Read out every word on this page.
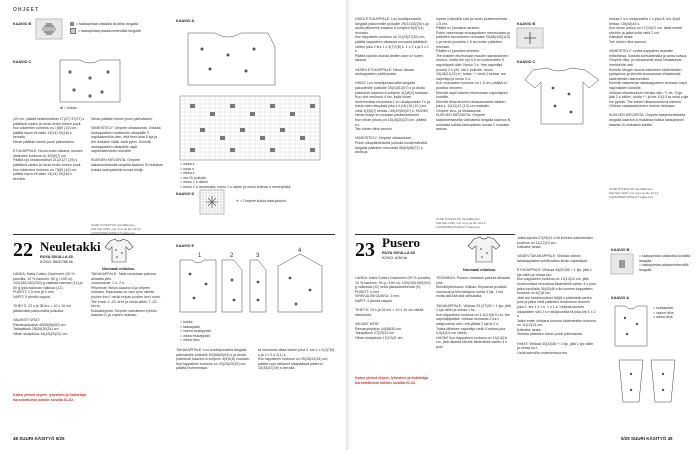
OHJEET
KAAVIO B	= taakapintaa vaakalla ikoolilla langalla
= taakapintaa pistaavimhevällä langalla
KAAVIO C
✿ = kukka
(19 cm, päättä keskimmäiset 27(27) 37(37) s päättävä varten ja neulo ensin toinen puoli.
Kun kädenten korkeus on 7(8)9 (10) cm, päättä lopun eli vään 13(14) 15(16) s kerralla.
Neulo päättän toinen puoli päinvastoin.

ETUKAPPALE: Neulo kuten takana, kunnes kädenten korkeus on 4(5)6(7) cm.
Päättä kyt keskimmäiset 21(21)27 (29) s päättävä varten ja neulo ensin toinen puoli.
Kun kädenten korkeus on 7(8)9 (10) cm, päättä lopun eli vään 13(14) 15(16) s kerralla.
Neulo päättän toinen puoli päinvastoin.

VIIMEISTELY: Ompele olkasaumat. Virkkaa etukappaleen molemmin olkapäille 3 napiluisenkkia olen, että tiset aina 5 kja ja tee lenkkien väliin vielä pylvs. Kiinnitä etukappaleen olkapäille napit napistuslenkkien kohdille.

KUKKIEN KIRJONTA: Ompele kaksinkertaisella langalla kaavion B mukaisia kukkia laskupistoilla kuvaa tekijä.
OHJE TOTEUTUS: Ilja Mättonen,
Kati Sari 2016, ma, ta ja pe klo 10-12
LANKATIEDUSTELUT: katia.com
KAAVIO A
= oikea s
= nurja s
= oikea s
= ota 2k puikolle
= neulo 1 s oikein
= neulo 1 s neulotusta, neulo 1 s oikein ja neulo kolmas s neuletyöstä
KAAVIO D
✳ = Ompele kukka laskupistoin.
22 Neuletakki
RUYA SIVULLA 65
KOKO: 56/67/86 kk
Normaali mitoitus.
LANKA: Katia Cotton-Cashmere (90 % puuvilla, 10 % kashmir, 50 g =155 m): 100(150)150(200) g vaaleaa harmaa (11) ja 50 g joka kokovan vaikkoa (12).
PUIKOT: 2,5 mm ja 3 mm.
NAPIT: 5 pientä nappia.

TIHEYS: 23 s ja 38 krs = 10 x 10 cm jäätavoista pakuvimilla puikoilla.

VALMISTI MTAT:
Rinnanympärys 46(55)56(60) cm
Takapiituus 25(28)30(34) cm
Hihan sisäpituus 16(18)20(22) cm.
Katso yleiset ohjeet, lyhenteet ja lisätietoja korostettuihin kohtiin sivuilla 61-62.
TAKAKAPPALE: Takki neulotaan palonia alhaalta ylös.
Juustoneule: 2 s, 2 s.
Pitsineule: Neulo kaavion A ja ohjeen mukaan. Kaaviossa on vain työn oikean puolen krs:t, neulo nurjan puolen krs:t nurin. Tee ensin 1.-20. krs:t ja toista sitten 7.-20. krs:ia.
Kukkakirjonta: Ompele valmiiseen työhön kaavion D ja ohjeen mukaan.
KAAVIO E
1	2	3
4
= kukka
= taakapalat
= vasen etukappale
= oikea etukappale
= oikea hiha
TAKAKAPPALE: Luo korallipuusella langalla pakuvimille puikoille 50(55)60(63) s ja aloita pitsineule kaavion A kohjeen 4(8)4(8) mukaan.
Kun tappaleen korkeus on 20(26)29(33) cm, päättä molemmissa
ta reunoista olkaa varten joka 2. krs 1 x 4(3)7(6) s ja 2 x 3 s 2(1) s.
Kun tappaleen korkeus on 25(28)31(34) cm, päättä kopi olekkeet olkapäässä päärrrei 33(35)37(39) s kerralla.
48 SUURI KÄSITYÖ 5/25
OKEA ETUKAPPALE: Luo korallipuusella langalla pakuvimille puikoille 29(31)33(35) s ja aloita pitsineule kaavion A kohjeen 8(3)7(4) mukaan.
Kun tappaleen korkeus on 21(24)27(30) cm, päättä kappaleen olkaasta reunasta päättävä varten joka 2 krs 1 x 4(7)7(8) s, 1 x 2 s ja 3 x 1 s.
Päättä lopulla osvista lähtien olan s:t kuten takana.

VASEN ETUKAPPALE: Neulo oikean etukappaleen peilikuvaksi.

HIHAT: Luo korallipuusuvallla langalla pakuvimille puikoille 35(41)51(57) s ja aloita pitsineule kaavion A kohjeen 4(3)8(3) mukaan.
Kun olet neulonut 4 krs, lisää hihan molemmissa reunoissa 1 s:n sisäpuolella 1 s ja toista otten tiskyksiä joka 14.(18.)10.(10.) krs vielä 3(5)5(7) kertaa =45(49)53(57) s. HUOM! Neulo lisätyt s:t mukaan pitsineuleeseen.
Kun hihan pituus on 16(18)20(22) cm, päättä s:t.
Tee toinen hiha samoin.

VIIMEISTELY: Ompele olkasaumat.
Poimi olkapäinellisellä puikolla korallinväriellä langalla pääntien reunoista 56(64)68(72) s, aloita ja
lopeta 3 silmällä s:lla ja neulo joustinneuletta 1,5 cm.
Päättä s:t joustava neuleen.
Poimi vasemman etukappaleen etureunasta ja pääntien reunukseen reunasta 76(88)100(110) s ja neulo joustinta 1,5 cm kuten pääntien reunaan.
Päättä s:t joustivia neuleen.
Tee toiseen etureunaan muuten samanlainen reunus, mutta tee nyt 0,5 cm korkeudelle 5 napinläpeä näin: Neulo 3 s, *tee napinläpi (nosto) 2 s yht, ota 1 puikolle, neulo 15(18)21(24) s*, toista *-* vielä 3 kertaa, tee napinläpi ja neulo 3 s.
Kun reunuksen korkeus on 1,5 cm, päättä s:t joustiva neuleen.
Kiinnitä napit toiseen etureunaan napinläpien kohdille.
Kiinnitä hihat sivuihin olkasaumasta mitaten joka s. 10(11)12 (13) cm matkalle.
Ompele sivu- ja hihasaumat.
KUKKIEN KIRJONTA: Ompele kaksinkertaisella valkoisella langalla kaavion B mukaisia kukkia laskupistoin kuvaa C mukaan tankan.
OHJE TOTEUTUS: Ilja Mättonen,
Kati Sari 2016, ma, ta ja pe klo 10-12
LANKATIEDUSTELUT: katia.com
KAAVIO B
KAAVIO C
noissa 2 s:n sisäpuolella 1 s joka 8. krs 3(x)5 kertaa =36(40)44 s.
Kun hihan pituus on 17(19)21 cm, lisää merkit sivuihin ja jatka kuita vielä 2 cm.
Katkaise lanka.
Tee toinen hiha samoin.

VIIMEISTELY: Levitä kappaleet alustalle mittoihinsa, kostuta sumuttamalla ja anna kuivua.
Ompele olka- ja sivusaumat sekä hihasaumat merkkeihin asti.
Kiinnitä hihojen suorat kädentien kädenteiden pystysivun ja kiinnitä sivusaumat hihasaumat kädenteiden alareunuihin.
Kiinnitä vasemman takakappaleen reunaan napit napinläpien kohdille.
Virkkaa hihansuuhun mertaa näin: *1 ks, 3 kjs, jätä 2 s väliin*, toista *-* ja tee 10(13 ks sekä sulje krs pylväs. Tee toinen hihansuureuna samoin. Virkkaa vastaavanlainen reunus helmaan.

KUKKIEN KIRJONTA: Ompele kaksinkertaisella langalla kaavion A mukaisia kukkia laskupistoin kaavion B mukaisiin kohtiin.
OHJE TOTEUTUS: Ilja Mättonen,
Kati Sari 2016, ma, ta ja pe klo 10-12
LANKATIEDUSTELUT: katia.com
23 Pusero
RUYA SIVULLA 65
KOKO: 6/36 kk
Normaali mitoitus.
LANKA: Katia Cotton-Cashmere (90 % puuvilla, 10 % kashmir, 50 g =155 m): 100(150)150(200) g valkoista (11) sekä pistaasinvihreää (9).
PUIKOT: 3 mm.
VIRKKAUSKOUKKU: 3 mm.
NAPIT: 3 pientä nappia.

TIHEYS: 19 s ja 31 krs = 10 x 10 cm sileää silmukoita.

VALMIIT MTAT:
Rinnanympärys 44(48)50 cm.
Takapiituus 27(29)31 cm.
Hihan sisäpituus 17(19)21 cm.
Katso yleiset ohjeet, lyhenteet ja lisätietoja korostettuihin kohtiin sivuilla 61-62.
TEKNIIKKA: Pusero virkataan palonia alhaalta ylös.
Kirinäöljivirkkaus/ Villikas: Kirjotavat ja kaikki nousuvat ja kerroinlapon kohta 4 kjs, 1 krs mutta älä kää sitä silmukalta.

TAKAKAPPALE: Virkkaa 25 (27)29 + 1 kjs, jätä 1 kjs väliin ja virkaa 1 ks.
Kun kappaleen korkeus on 4,5(4,5)5,5 cm, tee napinläpipäätä: virkkaa reunassa 2 ks:n sisäpuolella olen, etä ylittää 2 kjs:ta 2 s.
Toista tällainen napinläpi vielä 4 kertaa joka 3,5(4)4,5 cm välein.
HUOM! Kun kappaleen korkeus on 13(14)15 cm, jätä olkasta sivuille kädentietä varten 4 s pois.
Jatka lopulla 27(29)31 s:llä kunnes kädenteiden korkeus on 11(12)13 cm.
Katkaise lanka.

VASEN TAKAKAPPALE: Virkkaa oikean takakappaleen peilikuvaksi ilman napinläpiä.

ETUKAPPALE: Virkkaa 44(50)56 + 1 kjs, jätä 1 kjs väliin ja virkaa ks:t.
Kun kappaleen korkeus on 13(14)14 cm, jätä molemmissa reunoissa kädentietä varten 4 s pois, jatka lopullalla 36(42)46 s:lla kunnes kappaleen korkeus on 6(7)8 cm.
Jätä sivi keskimmäiset 8(8)8 s pääntietä varten pois ja jatka vielä pääntien molemmin reunoin joka 2. krs 1 x 1 s, 1 x 1 s. Virkkaa kunnes olkapäiden väli 2 s:n sisäpuolella tä joka krs:1 x 2 s.
Jatka ensin virkkaus kunnes kädenteiden korkeus on 11(12)13 cm.
Katkaise lanka.
Virkkaa pääntien toinen puoli päinvastoin.

HIHAT: Virkkaa 30(33)36 + 1 kjs, jätä 1 kjs väliin ja virkaa ks:t.
Lisää samoilla molemmissa reu-
KAAVIO B
= taakapintaa vaakealla koralllla langalla
= taakapintaa pistaavinbrevällä langalla
KAAVIO A
= kukkapiste
= vasen hiha
= oikea hiha
5/25 SUURI KÄSITYÖ 49
